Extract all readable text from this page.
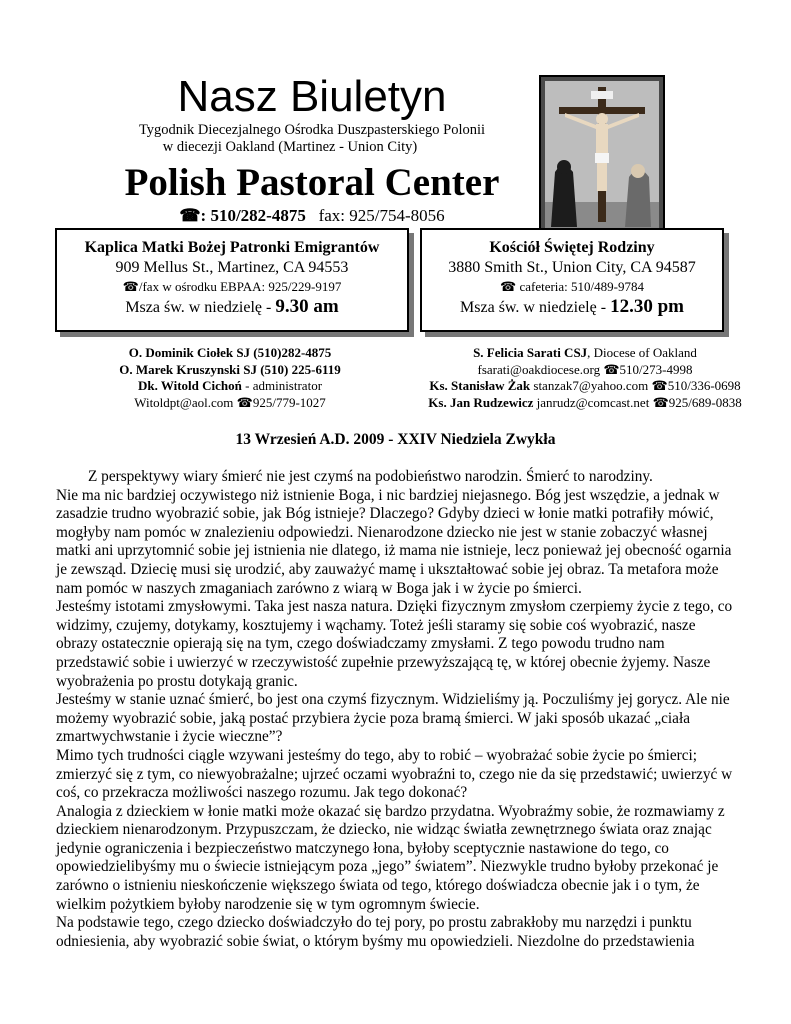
Nasz Biuletyn
Tygodnik Diecezjalnego Ośrodka Duszpasterskiego Polonii
w diecezji Oakland (Martinez - Union City)
Polish Pastoral Center
☎: 510/282-4875 fax: 925/754-8056
Kaplica Matki Bożej Patronki Emigrantów
909 Mellus St., Martinez, CA 94553
☎/fax w ośrodku EBPAA: 925/229-9197
Msza św. w niedzielę - 9.30 am
Kościół Świętej Rodziny
3880 Smith St., Union City, CA 94587
☎ cafeteria: 510/489-9784
Msza św. w niedzielę - 12.30 pm
O. Dominik Ciołek SJ (510)282-4875
O. Marek Kruszynski SJ (510) 225-6119
Dk. Witold Cichoń - administrator
Witoldpt@aol.com ☎925/779-1027
S. Felicia Sarati CSJ, Diocese of Oakland
fsarati@oakdiocese.org ☎510/273-4998
Ks. Stanisław Żak stanzak7@yahoo.com ☎510/336-0698
Ks. Jan Rudzewicz janrudz@comcast.net ☎925/689-0838
13 Wrzesień A.D. 2009 - XXIV Niedziela Zwykła

Z perspektywy wiary śmierć nie jest czymś na podobieństwo narodzin. Śmierć to narodziny.

Nie ma nic bardziej oczywistego niż istnienie Boga, i nic bardziej niejasnego. Bóg jest wszędzie, a jednak w zasadzie trudno wyobrazić sobie, jak Bóg istnieje? Dlaczego? Gdyby dzieci w łonie matki potrafiły mówić, mogłyby nam pomóc w znalezieniu odpowiedzi. Nienarodzone dziecko nie jest w stanie zobaczyć własnej matki ani uprzytomnić sobie jej istnienia nie dlatego, iż mama nie istnieje, lecz ponieważ jej obecność ogarnia je zewsząd. Dziecię musi się urodzić, aby zauważyć mamę i ukształtować sobie jej obraz. Ta metafora może nam pomóc w naszych zmaganiach zarówno z wiarą w Boga jak i w życie po śmierci.

Jesteśmy istotami zmysłowymi. Taka jest nasza natura. Dzięki fizycznym zmysłom czerpiemy życie z tego, co widzimy, czujemy, dotykamy, kosztujemy i wąchamy. Toteż jeśli staramy się sobie coś wyobrazić, nasze obrazy ostatecznie opierają się na tym, czego doświadczamy zmysłami. Z tego powodu trudno nam przedstawić sobie i uwierzyć w rzeczywistość zupełnie przewyższającą tę, w której obecnie żyjemy. Nasze wyobrażenia po prostu dotykają granic.

Jesteśmy w stanie uznać śmierć, bo jest ona czymś fizycznym. Widzieliśmy ją. Poczuliśmy jej gorycz. Ale nie możemy wyobrazić sobie, jaką postać przybiera życie poza bramą śmierci. W jaki sposób ukazać „ciała zmartwychwstanie i życie wieczne”?

Mimo tych trudności ciągle wzywani jesteśmy do tego, aby to robić – wyobrażać sobie życie po śmierci; zmierzyć się z tym, co niewyobrażalne; ujrzeć oczami wyobraźni to, czego nie da się przedstawić; uwierzyć w coś, co przekracza możliwości naszego rozumu. Jak tego dokonać?

Analogia z dzieckiem w łonie matki może okazać się bardzo przydatna. Wyobraźmy sobie, że rozmawiamy z dzieckiem nienarodzonym. Przypuszczam, że dziecko, nie widząc światła zewnętrznego świata oraz znając jedynie ograniczenia i bezpieczeństwo matczynego łona, byłoby sceptycznie nastawione do tego, co opowiedzielibyśmy mu o świecie istniejącym poza „jego” światem”. Niezwykle trudno byłoby przekonać je zarówno o istnieniu nieskończenie większego świata od tego, którego doświadcza obecnie jak i o tym, że wielkim pożytkiem byłoby narodzenie się w tym ogromnym świecie.

Na podstawie tego, czego dziecko doświadczyło do tej pory, po prostu zabrakłoby mu narzędzi i punktu odniesienia, aby wyobrazić sobie świat, o którym byśmy mu opowiedzieli. Niezdolne do przedstawienia
